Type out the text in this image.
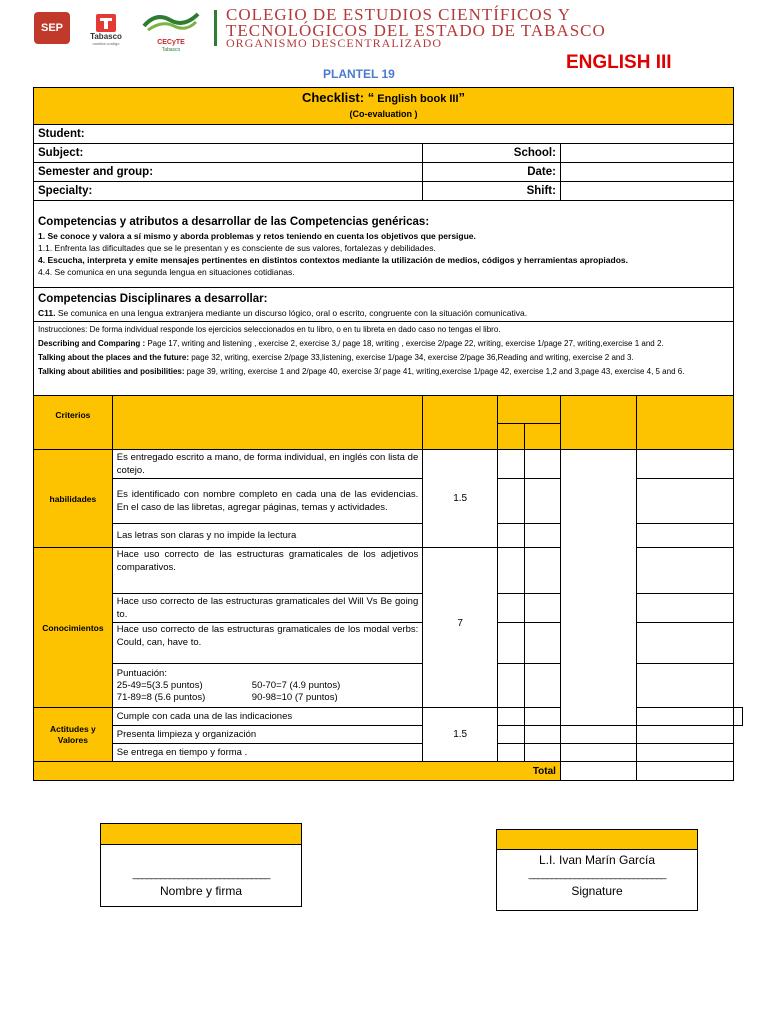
SEP
Tabasco
cambia contigo	CECyTE
Tabasco
COLEGIO DE ESTUDIOS CIENTÍFICOS Y
TECNOLÓGICOS DEL ESTADO DE TABASCO
ORGANISMO DESCENTRALIZADO
ENGLISH III
PLANTEL 19
Checklist: “ English book III”
(Co-evaluation )							

Student:							
Subject:		School:					
Semester and group:		Date:					
Specialty:		Shift:					

Competencias y atributos a desarrollar de las Competencias genéricas:
1. Se conoce y valora a sí mismo y aborda problemas y retos teniendo en cuenta los objetivos que persigue.
1.1. Enfrenta las dificultades que se le presentan y es consciente de sus valores, fortalezas y debilidades.
4. Escucha, interpreta y emite mensajes pertinentes en distintos contextos mediante la utilización de medios, códigos y herramientas apropiados.
4.4. Se comunica en una segunda lengua en situaciones cotidianas.							

Competencias Disciplinares a desarrollar:
C11. Se comunica en una lengua extranjera mediante un discurso lógico, oral o escrito, congruente con la situación comunicativa.							

Instrucciones: De forma individual responde los ejercicios seleccionados en tu libro, o en tu libreta en dado caso no tengas el libro.
Describing and Comparing : Page 17, writing and listening , exercise 2, exercise 3,/ page 18, writing , exercise 2/page 22, writing, exercise 1/page 27, writing,exercise 1 and 2.
Talking about the places and the future: page 32, writing, exercise 2/page 33,listening, exercise 1/page 34, exercise 2/page 36,Reading and writing, exercise 2 and 3.
Talking about abilities and posibilities: page 39, writing, exercise 1 and 2/page 40, exercise 3/ page 41, writing,exercise 1/page 42, exercise 1,2 and 3,page 43, exercise 4, 5 and 6.							

Criterios							

habilidades	Es entregado escrito a mano, de forma individual, en inglés con lista de cotejo.	1.5					
	Es identificado con nombre completo en cada una de las evidencias. En el caso de las libretas, agregar páginas, temas y actividades.						
	Las letras son claras y no impide la lectura						
Conocimientos	Hace uso correcto de las estructuras gramaticales de los adjetivos comparativos.	7					
	Hace uso correcto de las estructuras gramaticales del Will Vs Be going to.						
	Hace uso correcto de las estructuras gramaticales de los modal verbs: Could, can, have to.						

	Puntuación:
25-49=5(3.5 puntos) 50-70=7 (4.9 puntos)
71-89=8 (5.6 puntos) 90-98=10 (7 puntos)						

Actitudes y Valores	Cumple con cada una de las indicaciones	1.5					
	Presenta limpieza y organización						
	Se entrega en tiempo y forma .						
Total							
______________________________
Nombre y firma
L.I. Ivan Marín García
______________________________
Signature
